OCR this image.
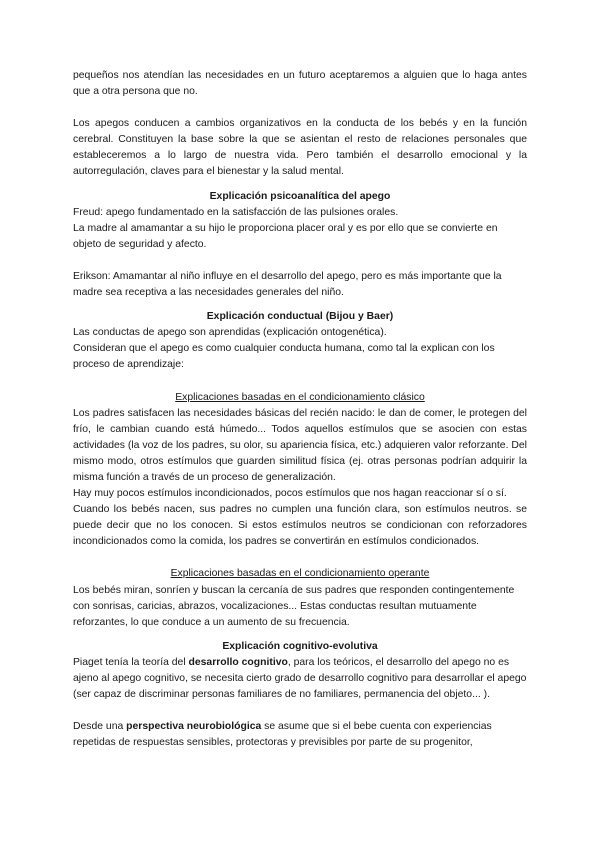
pequeños nos atendían las necesidades en un futuro aceptaremos a alguien que lo haga antes que a otra persona que no.

Los apegos conducen a cambios organizativos en la conducta de los bebés y en la función cerebral. Constituyen la base sobre la que se asientan el resto de relaciones personales que estableceremos a lo largo de nuestra vida. Pero también el desarrollo emocional y la autorregulación, claves para el bienestar y la salud mental.

Explicación psicoanalítica del apego

Freud: apego fundamentado en la satisfacción de las pulsiones orales.

La madre al amamantar a su hijo le proporciona placer oral y es por ello que se convierte en objeto de seguridad y afecto.

Erikson: Amamantar al niño influye en el desarrollo del apego, pero es más importante que la madre sea receptiva a las necesidades generales del niño.

Explicación conductual (Bijou y Baer)

Las conductas de apego son aprendidas (explicación ontogenética).

Consideran que el apego es como cualquier conducta humana, como tal la explican con los proceso de aprendizaje:

Explicaciones basadas en el condicionamiento clásico

Los padres satisfacen las necesidades básicas del recién nacido: le dan de comer, le protegen del frío, le cambian cuando está húmedo... Todos aquellos estímulos que se asocien con estas actividades (la voz de los padres, su olor, su apariencia física, etc.) adquieren valor reforzante. Del mismo modo, otros estímulos que guarden similitud física (ej. otras personas podrían adquirir la misma función a través de un proceso de generalización.

Hay muy pocos estímulos incondicionados, pocos estímulos que nos hagan reaccionar sí o sí.

Cuando los bebés nacen, sus padres no cumplen una función clara, son estímulos neutros. se puede decir que no los conocen. Si estos estímulos neutros se condicionan con reforzadores incondicionados como la comida, los padres se convertirán en estímulos condicionados.

Explicaciones basadas en el condicionamiento operante

Los bebés miran, sonríen y buscan la cercanía de sus padres que responden contingentemente con sonrisas, caricias, abrazos, vocalizaciones... Estas conductas resultan mutuamente reforzantes, lo que conduce a un aumento de su frecuencia.

Explicación cognitivo-evolutiva

Piaget tenía la teoría del desarrollo cognitivo, para los teóricos, el desarrollo del apego no es ajeno al apego cognitivo, se necesita cierto grado de desarrollo cognitivo para desarrollar el apego (ser capaz de discriminar personas familiares de no familiares, permanencia del objeto... ).

Desde una perspectiva neurobiológica se asume que si el bebe cuenta con experiencias repetidas de respuestas sensibles, protectoras y previsibles por parte de su progenitor,
